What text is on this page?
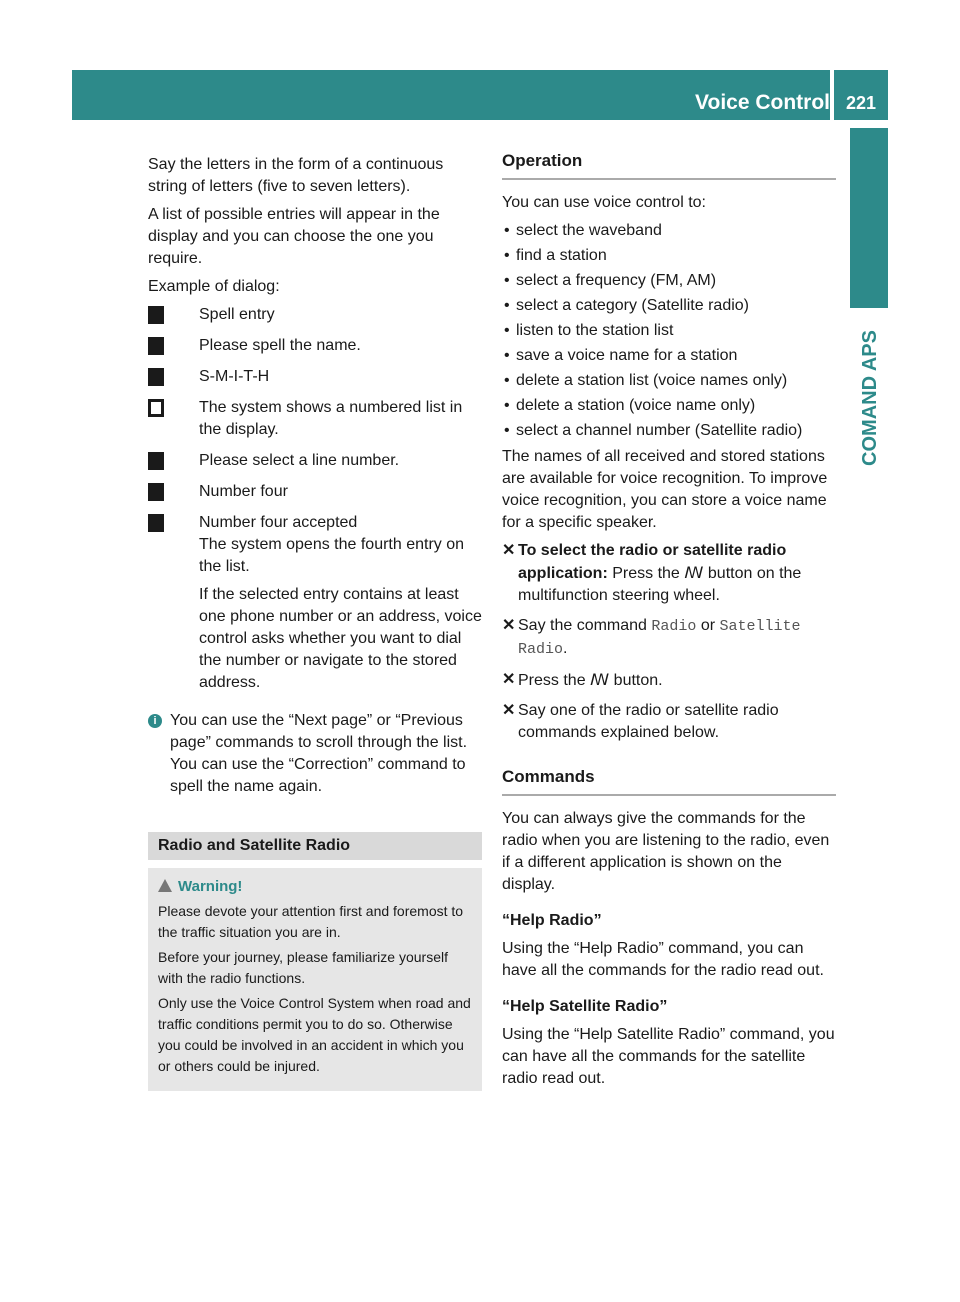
Voice Control 221
COMAND APS

Say the letters in the form of a continuous string of letters (five to seven letters).

A list of possible entries will appear in the display and you can choose the one you require.

Example of dialog:

Spell entry

Please spell the name.

S-M-I-T-H

The system shows a numbered list in the display.

Please select a line number.

Number four

Number four accepted

The system opens the fourth entry on the list.

If the selected entry contains at least one phone number or an address, voice control asks whether you want to dial the number or navigate to the stored address.

i You can use the “Next page” or “Previous page” commands to scroll through the list. You can use the “Correction” command to spell the name again.
Radio and Satellite Radio
Warning!

Please devote your attention first and foremost to the traffic situation you are in.

Before your journey, please familiarize yourself with the radio functions.

Only use the Voice Control System when road and traffic conditions permit you to do so. Otherwise you could be involved in an accident in which you or others could be injured.

Operation

You can use voice control to:

• select the waveband
• find a station
• select a frequency (FM, AM)
• select a category (Satellite radio)
• listen to the station list
• save a voice name for a station
• delete a station list (voice names only)
• delete a station (voice name only)
• select a channel number (Satellite radio)

The names of all received and stored stations are available for voice recognition. To improve voice recognition, you can store a voice name for a specific speaker.

✕ To select the radio or satellite radio application: Press the ꟿ button on the multifunction steering wheel.
✕ Say the command Radio or Satellite Radio.
✕ Press the ꟿ button.
✕ Say one of the radio or satellite radio commands explained below.
Commands

You can always give the commands for the radio when you are listening to the radio, even if a different application is shown on the display.

“Help Radio”

Using the “Help Radio” command, you can have all the commands for the radio read out.

“Help Satellite Radio”

Using the “Help Satellite Radio” command, you can have all the commands for the satellite radio read out.
